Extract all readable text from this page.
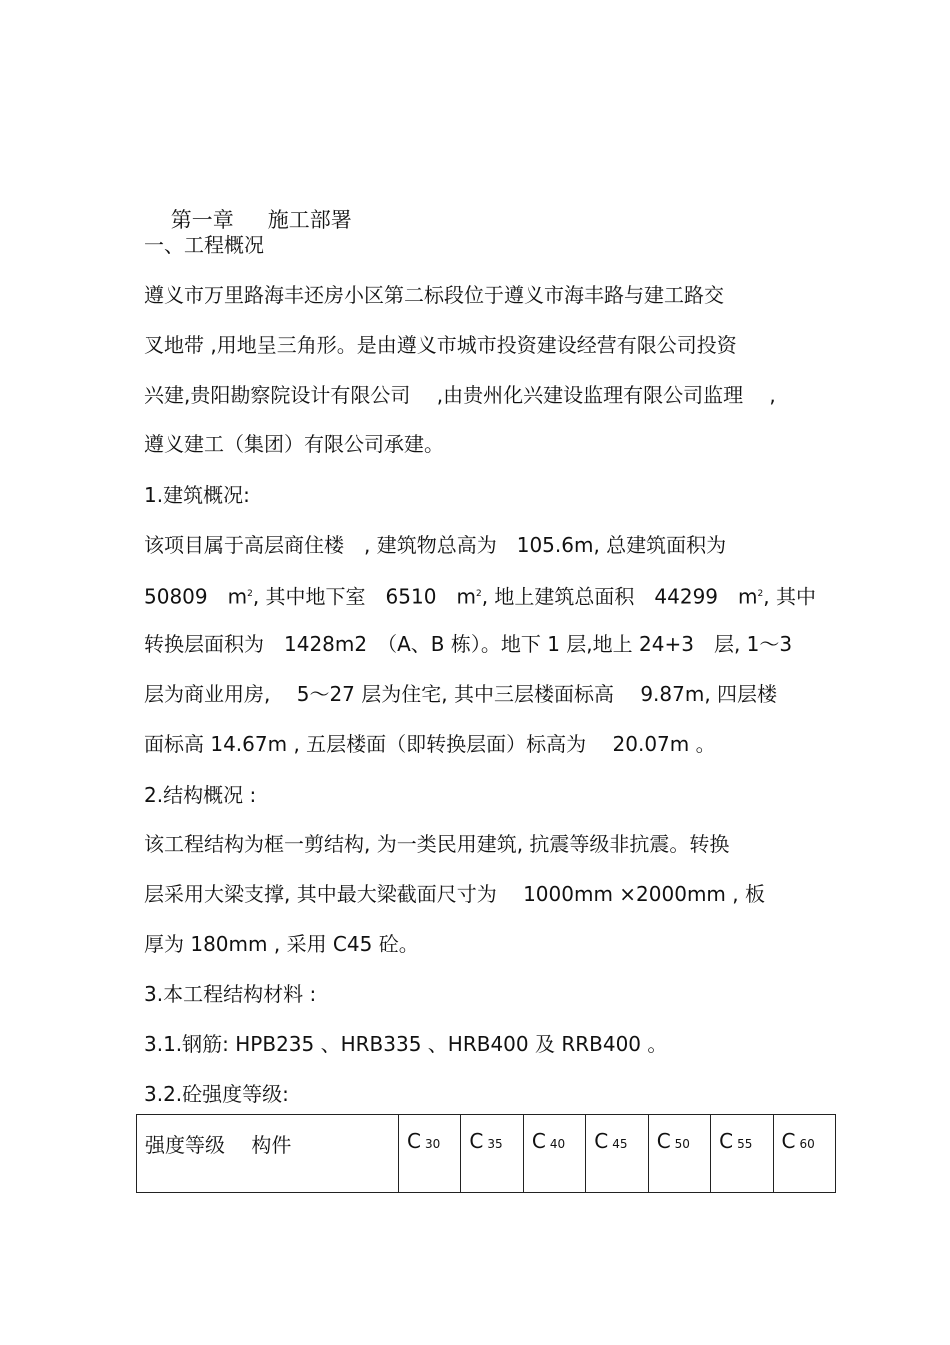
第一章 施工部署

一、工程概况
遵义市万里路海丰还房小区第二标段位于遵义市海丰路与建工路交
叉地带 ,用地呈三角形。是由遵义市城市投资建设经营有限公司投资
兴建,贵阳勘察院设计有限公司　 ,由贵州化兴建设监理有限公司监理　 ,
遵义建工（集团）有限公司承建。
1.建筑概况:
该项目属于高层商住楼　, 建筑物总高为　105.6m, 总建筑面积为
50809　$m^2$, 其中地下室　6510　$m^2$, 地上建筑总面积　44299　$m^2$, 其中
转换层面积为　1428m2　（A、B 栋）。地下 1 层,地上 24+3　层, 1～3
层为商业用房,　 5～27 层为住宅, 其中三层楼面标高　 9.87m, 四层楼
面标高 14.67m , 五层楼面（即转换层面）标高为　 20.07m 。
2.结构概况 :
该工程结构为框一剪结构, 为一类民用建筑, 抗震等级非抗震。转换
层采用大梁支撑, 其中最大梁截面尺寸为　 1000mm ×2000mm , 板
厚为 180mm , 采用 C45 砼。
3.本工程结构材料 :
3.1.钢筋: HPB235 、HRB335 、HRB400 及 RRB400 。
3.2.砼强度等级:
强度等级　 构件	C 30	C 35	C 40	C 45	C 50	C 55	C 60
